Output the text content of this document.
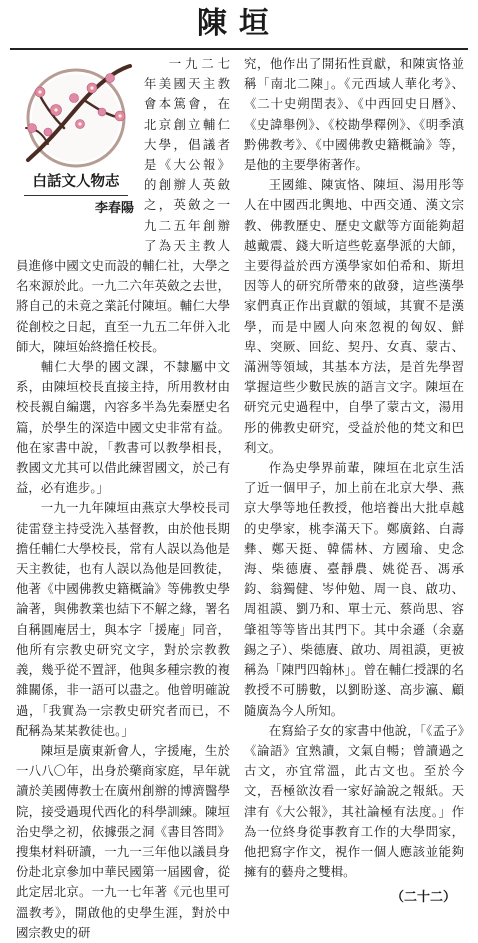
陳垣
白話文人物志
李春陽

一九二七年美國天主教會本篤會，在北京創立輔仁大學，倡議者是《大公報》的創辦人英斂之，英斂之一九二五年創辦了為天主教人員進修中國文史而設的輔仁社，大學之名來源於此。一九二六年英斂之去世，將自己的未竟之業託付陳垣。輔仁大學從創校之日起，直至一九五二年併入北師大，陳垣始終擔任校長。

輔仁大學的國文課，不隸屬中文系，由陳垣校長直接主持，所用教材由校長親自編選，內容多半為先秦歷史名篇，於學生的深造中國文史非常有益。他在家書中說，「教書可以教學相長，教國文尤其可以借此練習國文，於己有益，必有進步。」

一九一九年陳垣由燕京大學校長司徒雷登主持受洗入基督教，由於他長期擔任輔仁大學校長，常有人誤以為他是天主教徒，也有人誤以為他是回教徒，他著《中國佛教史籍概論》等佛教史學論著，與佛教業也結下不解之緣，署名自稱圓庵居士，與本字「援庵」同音，他所有宗教史研究文字，對於宗教教義，幾乎從不置評，他與多種宗教的複雜關係，非一語可以盡之。他曾明確說過，「我實為一宗教史研究者而已，不配稱為某某教徒也。」

陳垣是廣東新會人，字援庵，生於一八八〇年，出身於藥商家庭，早年就讀於美國傳教士在廣州創辦的博濟醫學院，接受過現代西化的科學訓練。陳垣治史學之初，依據張之洞《書目答問》搜集材料研讀，一九一三年他以議員身份赴北京參加中華民國第一屆國會，從此定居北京。一九一七年著《元也里可溫教考》，開啟他的史學生涯，對於中國宗教史的研

究，他作出了開拓性貢獻，和陳寅恪並稱「南北二陳」。《元西域人華化考》、《二十史朔閏表》、《中西回史日曆》、《史諱舉例》、《校勘學釋例》、《明季滇黔佛教考》、《中國佛教史籍概論》等，是他的主要學術著作。

王國維、陳寅恪、陳垣、湯用彤等人在中國西北輿地、中西交通、漢文宗教、佛教歷史、歷史文獻等方面能夠超越戴震、錢大昕這些乾嘉學派的大師，主要得益於西方漢學家如伯希和、斯坦因等人的研究所帶來的啟發，這些漢學家們真正作出貢獻的領域，其實不是漢學，而是中國人向來忽視的匈奴、鮮卑、突厥、回紇、契丹、女真、蒙古、滿洲等領域，其基本方法，是首先學習掌握這些少數民族的語言文字。陳垣在研究元史過程中，自學了蒙古文，湯用彤的佛教史研究，受益於他的梵文和巴利文。

作為史學界前輩，陳垣在北京生活了近一個甲子，加上前在北京大學、燕京大學等地任教授，他培養出大批卓越的史學家，桃李滿天下。鄭廣銘、白壽彝、鄭天挺、韓儒林、方國瑜、史念海、柴德賡、臺靜農、姚從吾、馮承鈞、翁獨健、岑仲勉、周一良、啟功、周祖謨、劉乃和、單士元、蔡尚思、容肇祖等等皆出其門下。其中余遜（余嘉錫之子）、柴德賡、啟功、周祖謨，更被稱為「陳門四翰林」。曾在輔仁授課的名教授不可勝數，以劉盼遂、高步瀛、顧隨廣為今人所知。

在寫給子女的家書中他說，「《孟子》《論語》宜熟讀，文氣自暢；曾讀過之古文，亦宜常溫，此古文也。至於今文，吾極欲汝看一家好論說之報紙。天津有《大公報》，其社論極有法度。」作為一位終身從事教育工作的大學問家，他把寫字作文，視作一個人應該並能夠擁有的藝舟之雙楫。

（二十二）
